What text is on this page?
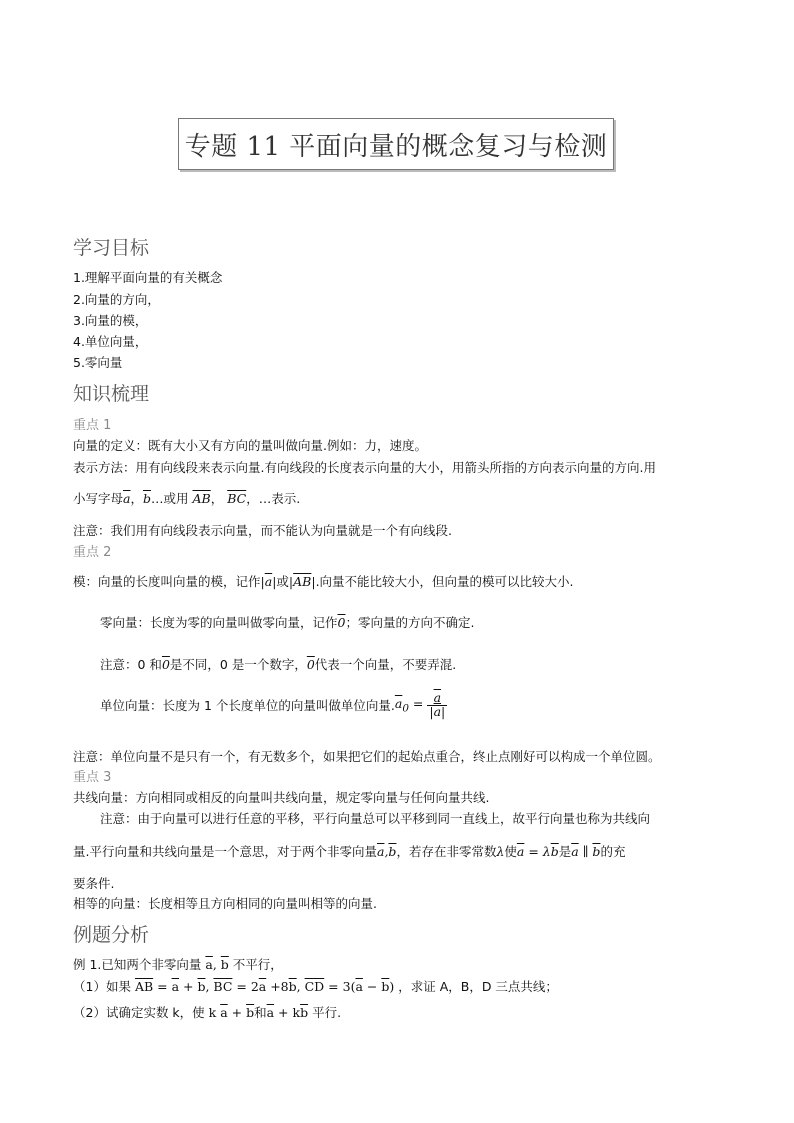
专题 11 平面向量的概念复习与检测
学习目标
1.理解平面向量的有关概念
2.向量的方向，
3.向量的模，
4.单位向量，
5.零向量
知识梳理
重点 1
向量的定义：既有大小又有方向的量叫做向量.例如：力，速度。
表示方法：用有向线段来表示向量.有向线段的长度表示向量的大小，用箭头所指的方向表示向量的方向.用
小写字母$\overline{a}$，$\overline{b}\dots$或用 $\overline{AB}$， $\overline{BC}$，…表示.
注意：我们用有向线段表示向量，而不能认为向量就是一个有向线段.
重点 2
模：向量的长度叫向量的模，记作$|\overline{a}|$或$|\overline{AB}|$.向量不能比较大小，但向量的模可以比较大小.
零向量：长度为零的向量叫做零向量，记作0；零向量的方向不确定.
注意：0 和0是不同，0 是一个数字，0代表一个向量，不要弄混.
单位向量：长度为 1 个长度单位的向量叫做单位向量$.\overline{a}_0 = \frac{\overline{a}}{|\overline{a}|}$
注意：单位向量不是只有一个，有无数多个，如果把它们的起始点重合，终止点刚好可以构成一个单位圆。
重点 3
共线向量：方向相同或相反的向量叫共线向量，规定零向量与任何向量共线.
注意：由于向量可以进行任意的平移，平行向量总可以平移到同一直线上，故平行向量也称为共线向
量.平行向量和共线向量是一个意思，对于两个非零向量$\overline{a},\overline{b}$，若存在非零常数λ使$\overline{a} = \lambda\overline{b}$是$\overline{a}$ ∥ $\overline{b}$的充
要条件.
相等的向量：长度相等且方向相同的向量叫相等的向量.
例题分析
例 1.已知两个非零向量 $\overline{a}$, $\overline{b}$ 不平行，
（1）如果 $\overline{AB} = \overline{a} + \overline{b}$, $\overline{BC} = 2\overline{a} +8\overline{b}$, $\overline{CD} = 3(\overline{a} - \overline{b})$ ，求证 A，B，D 三点共线；
（2）试确定实数 k，使 k $\overline{a} + \overline{b}$和$\overline{a} + k\overline{b}$ 平行.
